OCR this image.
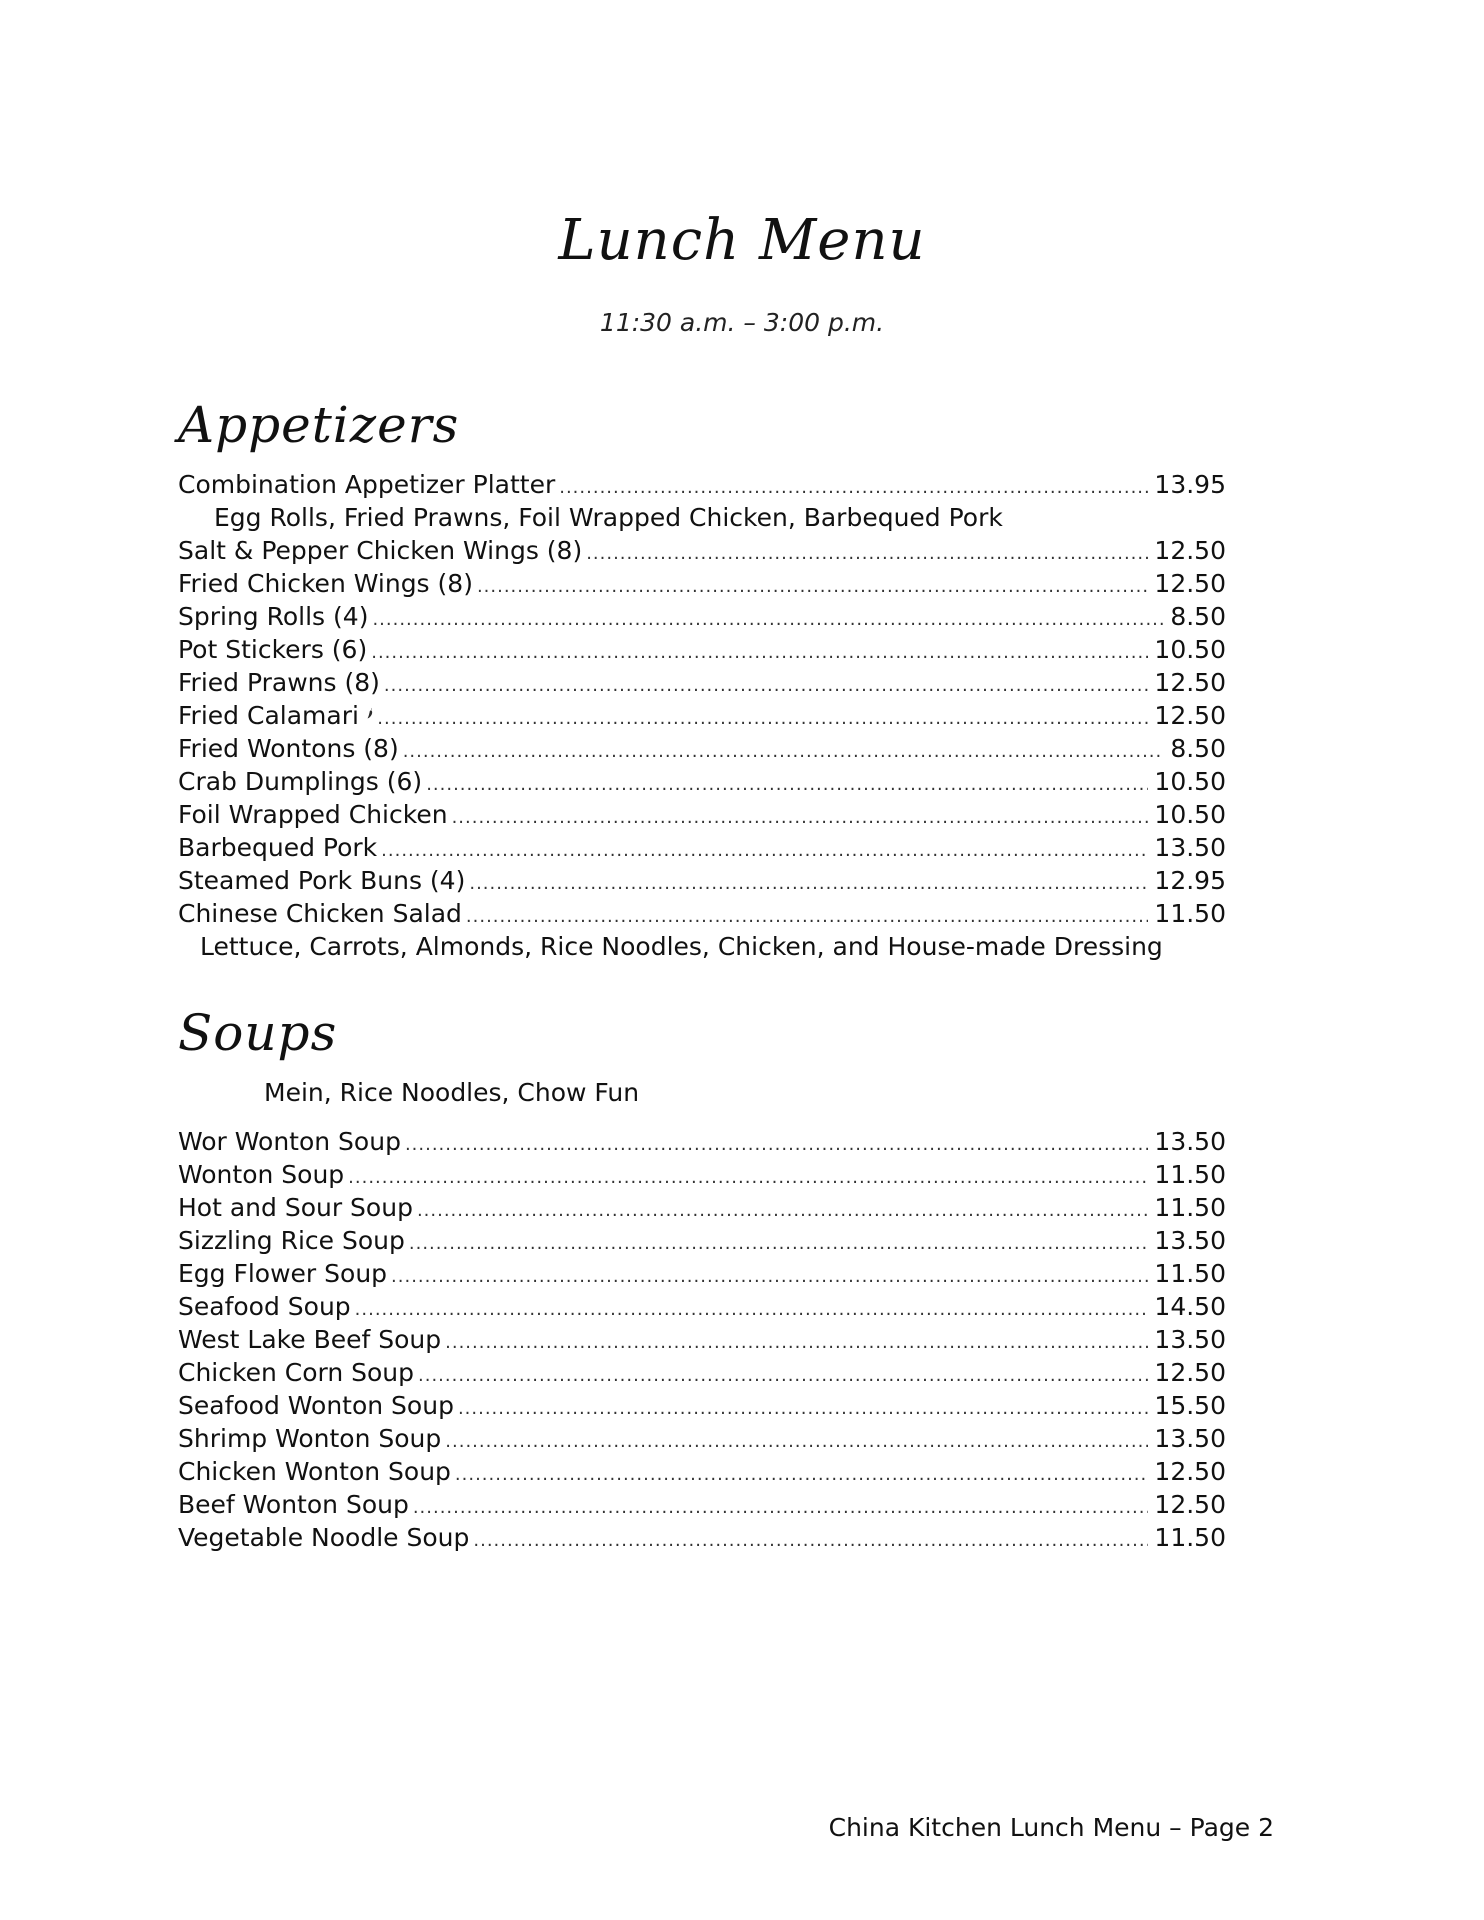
Lunch Menu
11:30 a.m. – 3:00 p.m.
Appetizers
Combination Appetizer Platter .....	13.95
Egg Rolls, Fried Prawns, Foil Wrapped Chicken, Barbequed Pork
Salt & Pepper Chicken Wings (8) .....	12.50
Fried Chicken Wings (8) .....	12.50
Spring Rolls (4) .....	8.50
Pot Stickers (6) .....	10.50
Fried Prawns (8) .....	12.50
Fried Calamari .....	12.50
Fried Wontons (8) .....	8.50
Crab Dumplings (6) .....	10.50
Foil Wrapped Chicken .....	10.50
Barbequed Pork .....	13.50
Steamed Pork Buns (4) .....	12.95
Chinese Chicken Salad .....	11.50
Lettuce, Carrots, Almonds, Rice Noodles, Chicken, and House-made Dressing
Soups
Mein, Rice Noodles, Chow Fun
Wor Wonton Soup .....	13.50
Wonton Soup .....	11.50
Hot and Sour Soup .....	11.50
Sizzling Rice Soup .....	13.50
Egg Flower Soup .....	11.50
Seafood Soup .....	14.50
West Lake Beef Soup .....	13.50
Chicken Corn Soup .....	12.50
Seafood Wonton Soup .....	15.50
Shrimp Wonton Soup .....	13.50
Chicken Wonton Soup .....	12.50
Beef Wonton Soup .....	12.50
Vegetable Noodle Soup .....	11.50
China Kitchen Lunch Menu – Page 2
